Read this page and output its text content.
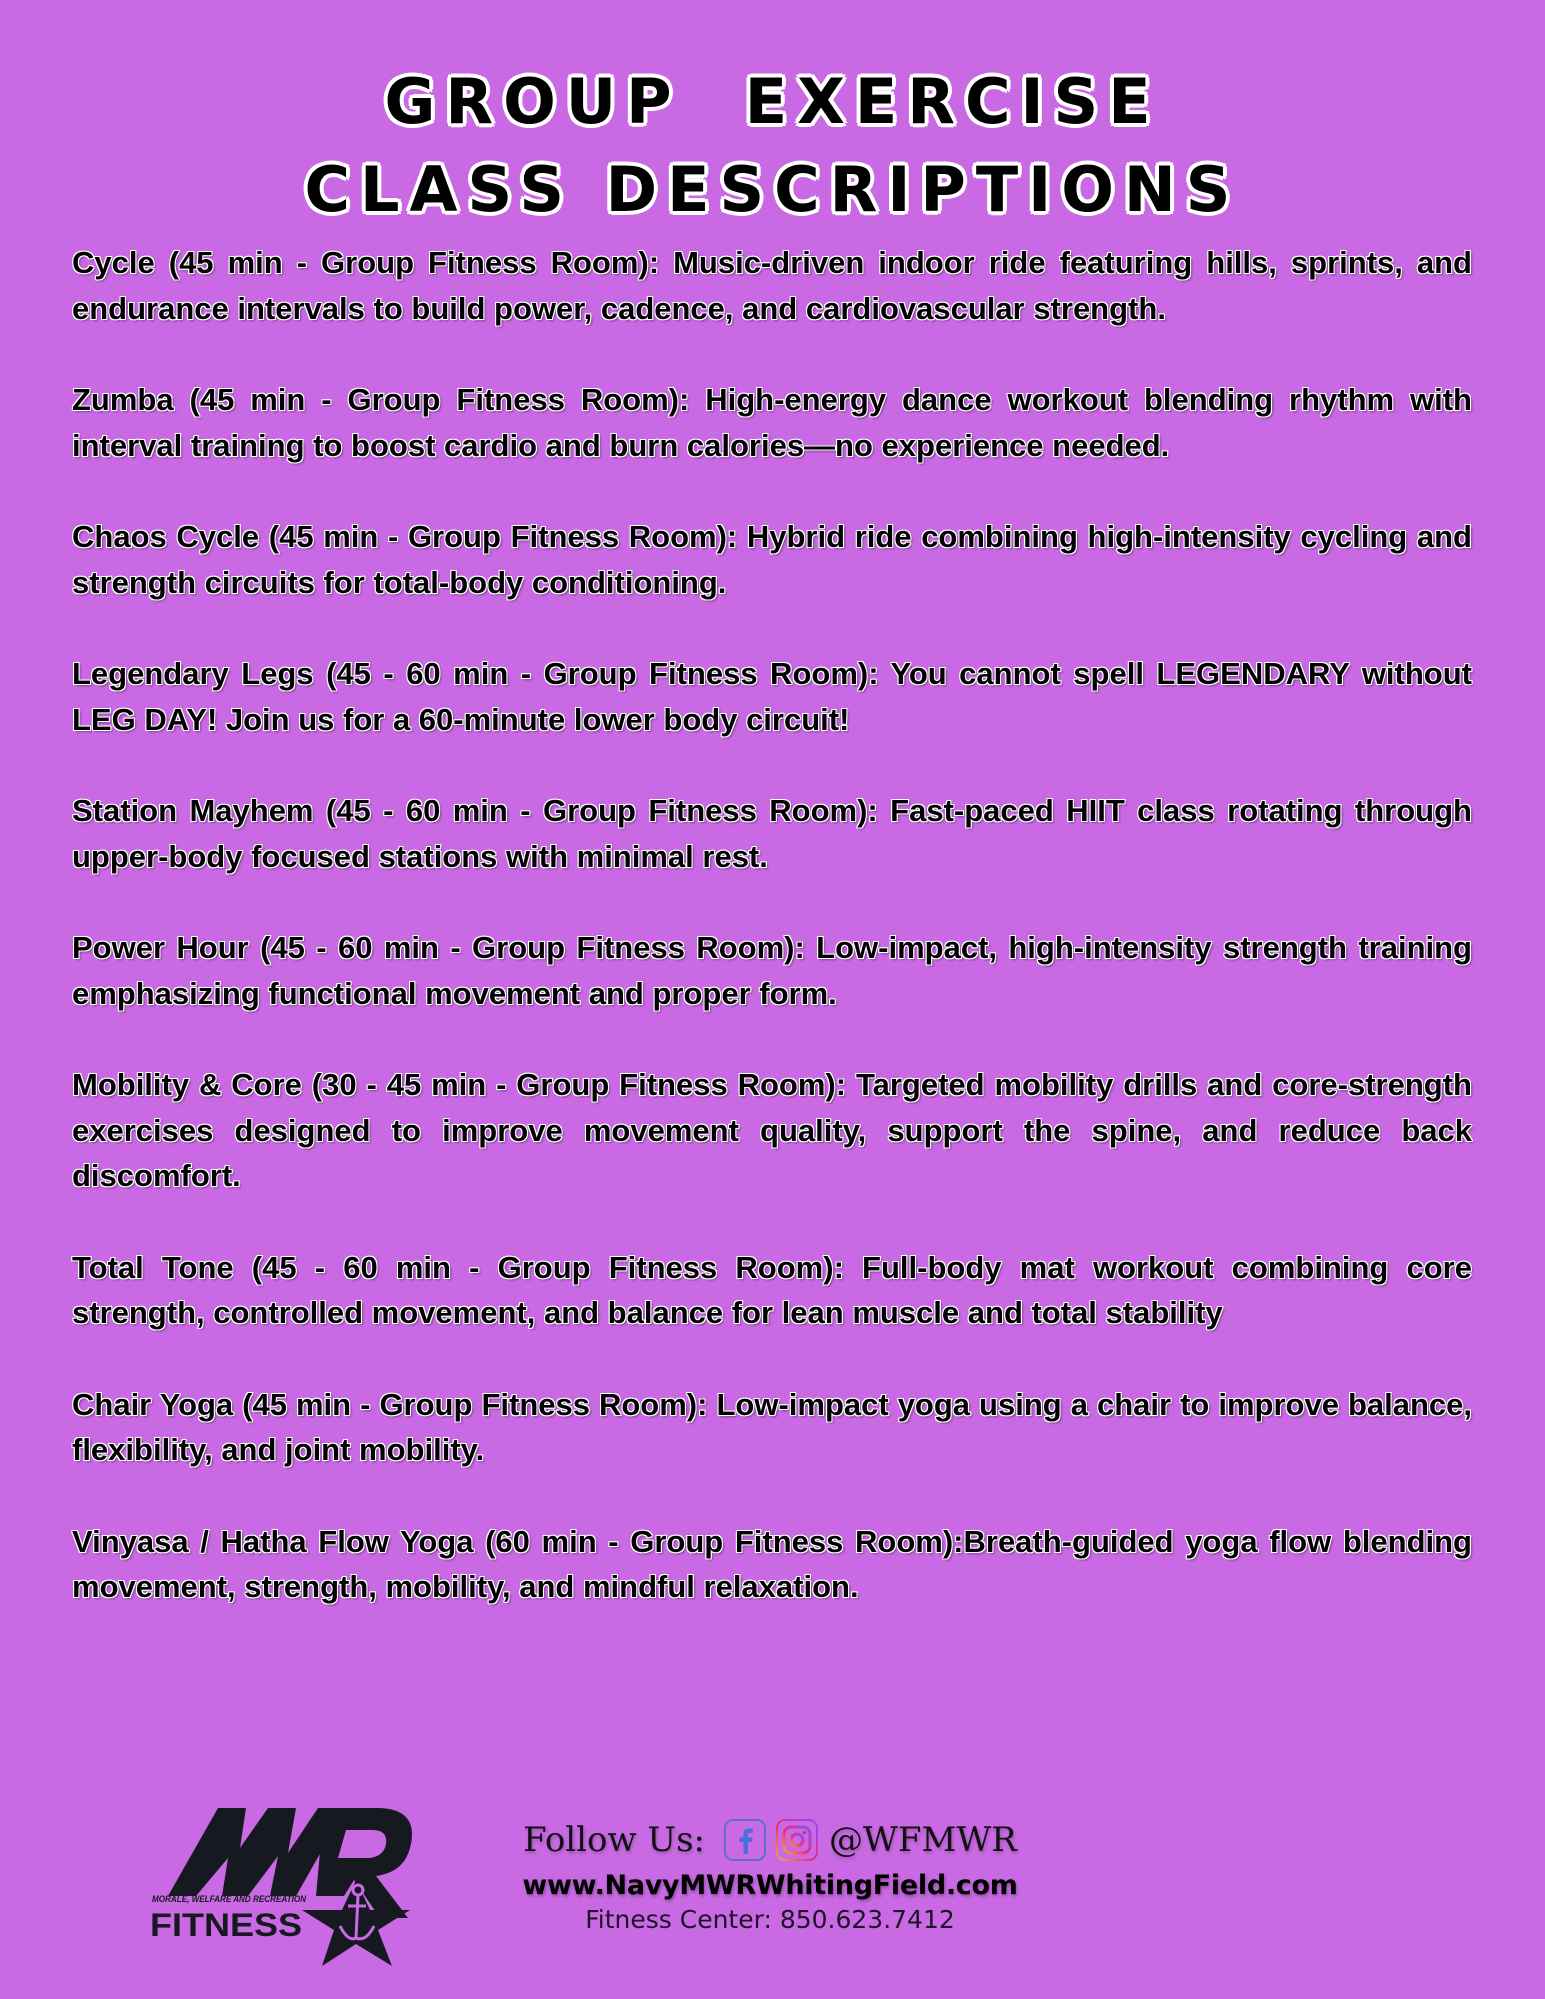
GROUP  EXERCISE
CLASS DESCRIPTIONS

Cycle (45 min - Group Fitness Room): Music-driven indoor ride featuring hills, sprints, and endurance intervals to build power, cadence, and cardiovascular strength.

Zumba (45 min - Group Fitness Room): High-energy dance workout blending rhythm with interval training to boost cardio and burn calories—no experience needed.

Chaos Cycle (45 min - Group Fitness Room): Hybrid ride combining high-intensity cycling and strength circuits for total-body conditioning.

Legendary Legs (45 - 60 min - Group Fitness Room): You cannot spell LEGENDARY without LEG DAY! Join us for a 60-minute lower body circuit!

Station Mayhem (45 - 60 min - Group Fitness Room): Fast-paced HIIT class rotating through upper-body focused stations with minimal rest.

Power Hour (45 - 60 min - Group Fitness Room): Low-impact, high-intensity strength training emphasizing functional movement and proper form.

Mobility & Core (30 - 45 min - Group Fitness Room): Targeted mobility drills and core-strength exercises designed to improve movement quality, support the spine, and reduce back discomfort.

Total Tone (45 - 60 min - Group Fitness Room): Full-body mat workout combining core strength, controlled movement, and balance for lean muscle and total stability

Chair Yoga (45 min - Group Fitness Room): Low-impact yoga using a chair to improve balance, flexibility, and joint mobility.

Vinyasa / Hatha Flow Yoga (60 min - Group Fitness Room):Breath-guided yoga flow blending movement, strength, mobility, and mindful relaxation.

MORALE, WELFARE AND RECREATION
FITNESS
Follow Us:	@WFMWR
www.NavyMWRWhitingField.com
Fitness Center: 850.623.7412
